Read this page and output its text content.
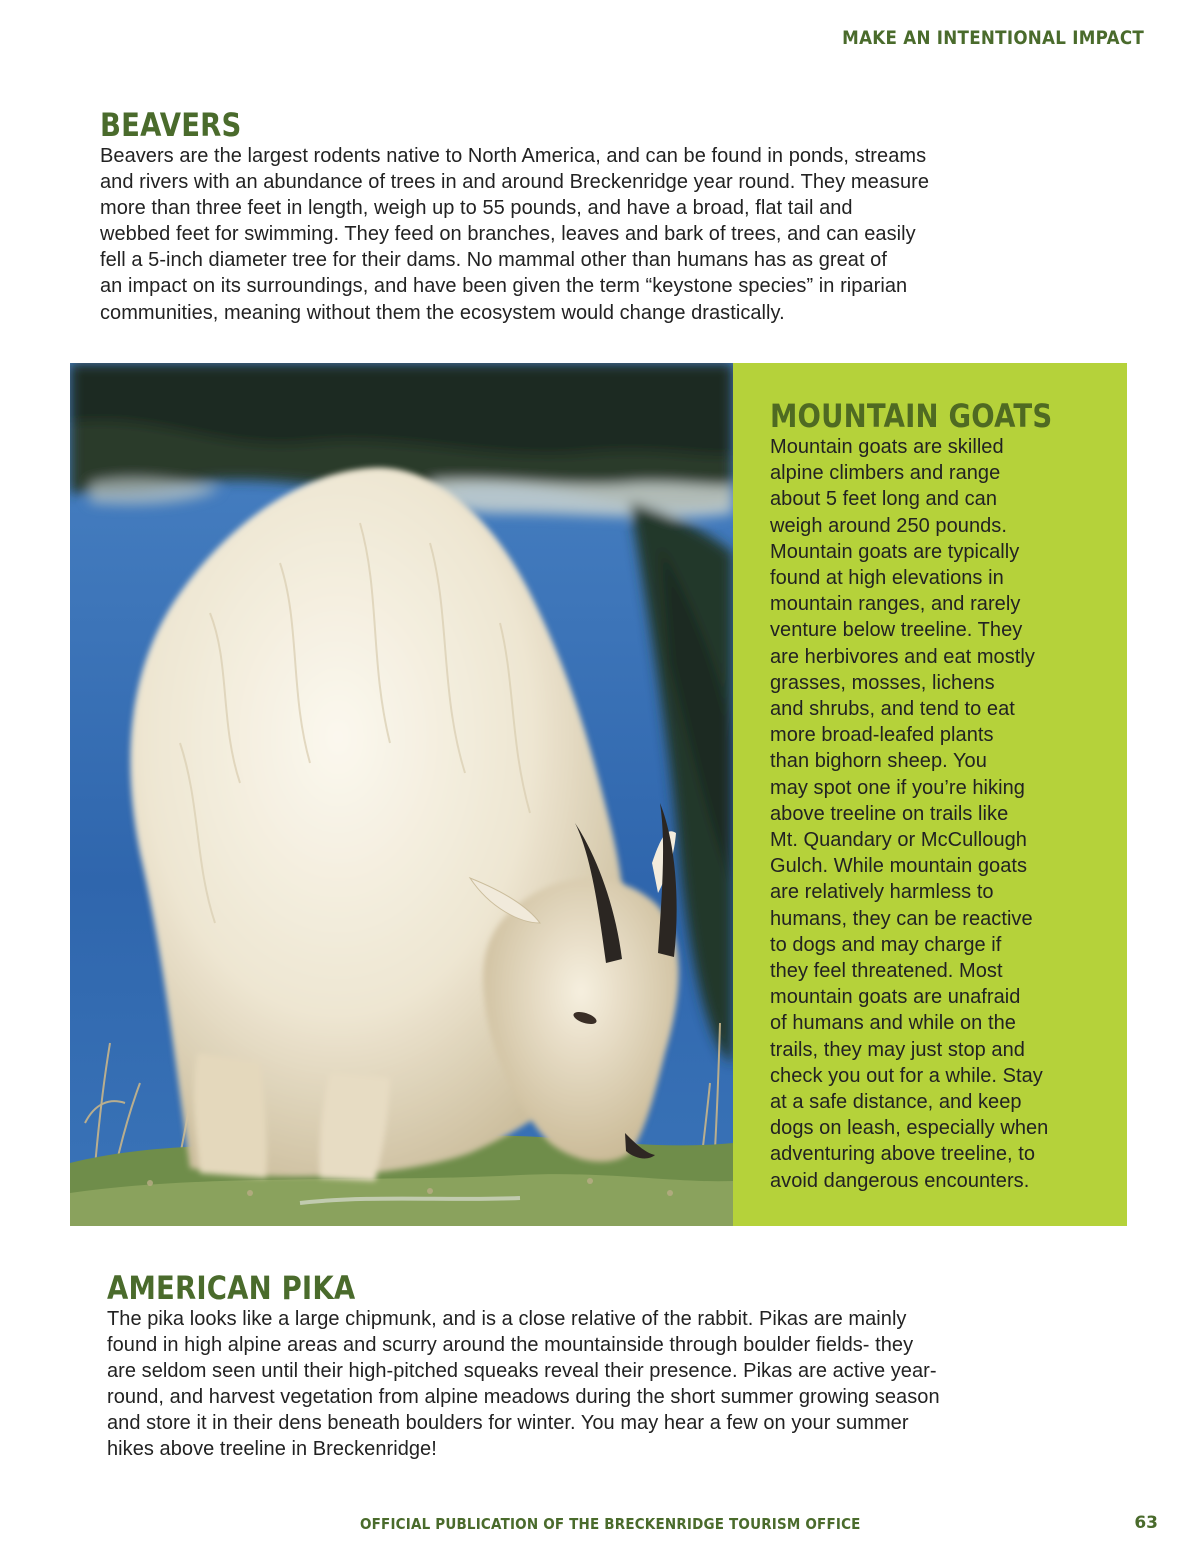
MAKE AN INTENTIONAL IMPACT
BEAVERS

Beavers are the largest rodents native to North America, and can be found in ponds, streams
and rivers with an abundance of trees in and around Breckenridge year round. They measure
more than three feet in length, weigh up to 55 pounds, and have a broad, flat tail and
webbed feet for swimming. They feed on branches, leaves and bark of trees, and can easily
fell a 5-inch diameter tree for their dams. No mammal other than humans has as great of
an impact on its surroundings, and have been given the term “keystone species” in riparian
communities, meaning without them the ecosystem would change drastically.

MOUNTAIN GOATS

Mountain goats are skilled
alpine climbers and range
about 5 feet long and can
weigh around 250 pounds.
Mountain goats are typically
found at high elevations in
mountain ranges, and rarely
venture below treeline. They
are herbivores and eat mostly
grasses, mosses, lichens
and shrubs, and tend to eat
more broad-leafed plants
than bighorn sheep. You
may spot one if you’re hiking
above treeline on trails like
Mt. Quandary or McCullough
Gulch. While mountain goats
are relatively harmless to
humans, they can be reactive
to dogs and may charge if
they feel threatened. Most
mountain goats are unafraid
of humans and while on the
trails, they may just stop and
check you out for a while. Stay
at a safe distance, and keep
dogs on leash, especially when
adventuring above treeline, to
avoid dangerous encounters.

AMERICAN PIKA

The pika looks like a large chipmunk, and is a close relative of the rabbit. Pikas are mainly
found in high alpine areas and scurry around the mountainside through boulder fields- they
are seldom seen until their high-pitched squeaks reveal their presence. Pikas are active year-
round, and harvest vegetation from alpine meadows during the short summer growing season
and store it in their dens beneath boulders for winter. You may hear a few on your summer
hikes above treeline in Breckenridge!

OFFICIAL PUBLICATION OF THE BRECKENRIDGE TOURISM OFFICE	63
